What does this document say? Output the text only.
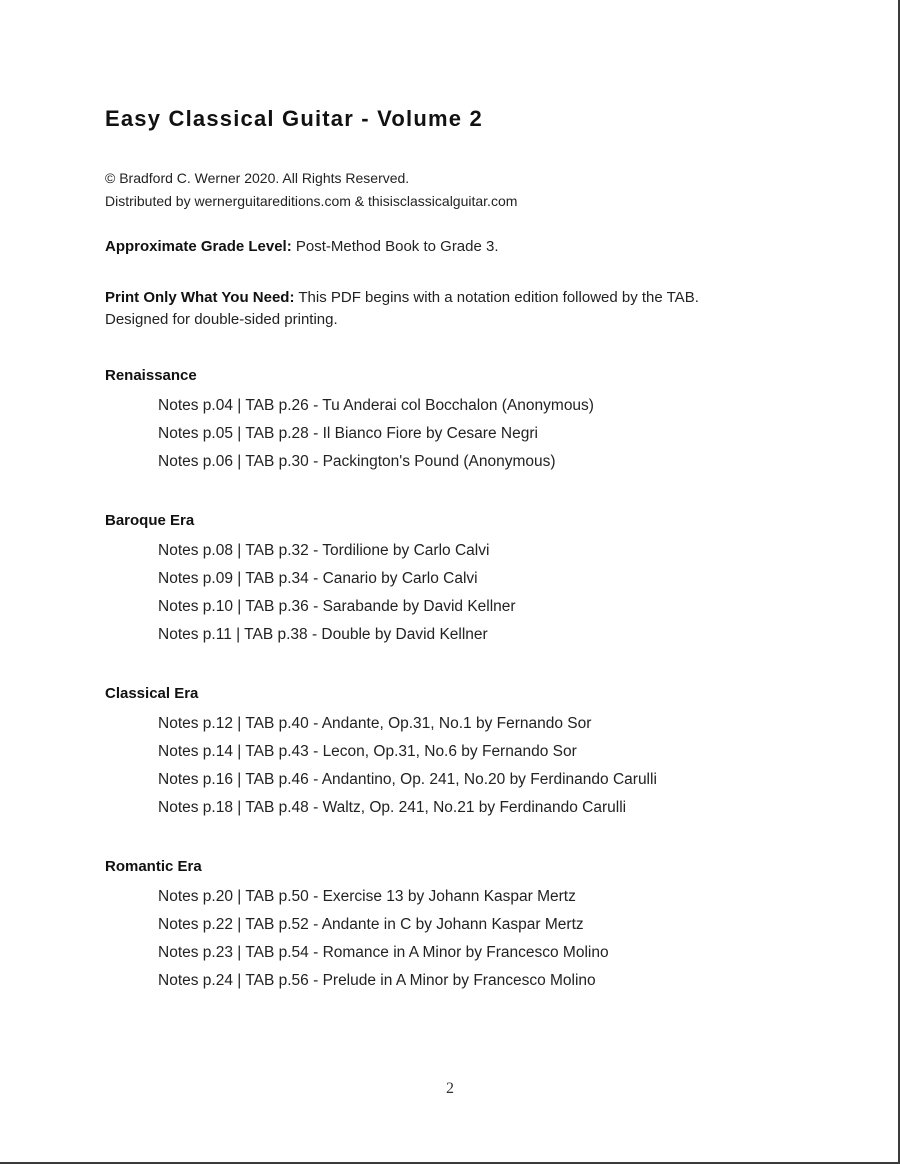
Easy Classical Guitar - Volume 2
© Bradford C. Werner 2020. All Rights Reserved.
Distributed by wernerguitareditions.com & thisisclassicalguitar.com
Approximate Grade Level: Post-Method Book to Grade 3.
Print Only What You Need: This PDF begins with a notation edition followed by the TAB.
Designed for double-sided printing.
Renaissance
Notes p.04 | TAB p.26 - Tu Anderai col Bocchalon (Anonymous)
Notes p.05 | TAB p.28 - Il Bianco Fiore by Cesare Negri
Notes p.06 | TAB p.30 - Packington's Pound (Anonymous)
Baroque Era
Notes p.08 | TAB p.32 - Tordilione by Carlo Calvi
Notes p.09 | TAB p.34 - Canario by Carlo Calvi
Notes p.10 | TAB p.36 - Sarabande by David Kellner
Notes p.11 | TAB p.38 - Double by David Kellner
Classical Era
Notes p.12 | TAB p.40 - Andante, Op.31, No.1 by Fernando Sor
Notes p.14 | TAB p.43 - Lecon, Op.31, No.6 by Fernando Sor
Notes p.16 | TAB p.46 - Andantino, Op. 241, No.20 by Ferdinando Carulli
Notes p.18 | TAB p.48 - Waltz, Op. 241, No.21 by Ferdinando Carulli
Romantic Era
Notes p.20 | TAB p.50 - Exercise 13 by Johann Kaspar Mertz
Notes p.22 | TAB p.52 - Andante in C by Johann Kaspar Mertz
Notes p.23 | TAB p.54 - Romance in A Minor by Francesco Molino
Notes p.24 | TAB p.56 - Prelude in A Minor by Francesco Molino
2
